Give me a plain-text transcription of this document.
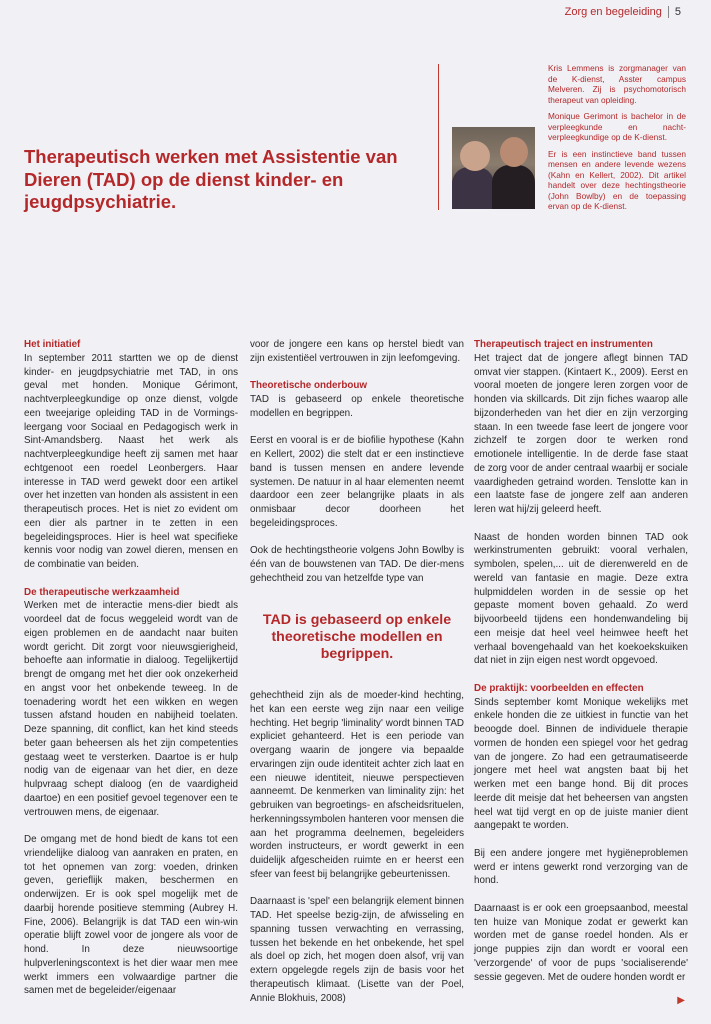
Zorg en begeleiding	5

Kris Lemmens is zorgmanager van de K-dienst, Asster campus Melveren. Zij is psychomotorisch therapeut van opleiding.

Monique Gerimont is bachelor in de verpleegkunde en nacht-verpleegkundige op de K-dienst.

Er is een instinctieve band tussen mensen en andere levende wezens (Kahn en Kellert, 2002). Dit artikel handelt over deze hechtingstheorie (John Bowlby) en de toepassing ervan op de K-dienst.

Therapeutisch werken met Assistentie van Dieren (TAD) op de dienst kinder- en jeugdpsychiatrie.
Het initiatief

In september 2011 startten we op de dienst kinder- en jeugdpsychiatrie met TAD, in ons geval met honden. Monique Gérimont, nachtverpleegkundige op onze dienst, volgde een tweejarige opleiding TAD in de Vormings-leergang voor Sociaal en Pedagogisch werk in Sint-Amandsberg. Naast het werk als nachtverpleegkundige heeft zij samen met haar echtgenoot een roedel Leonbergers. Haar interesse in TAD werd gewekt door een artikel over het inzetten van honden als assistent in een therapeutisch proces. Het is niet zo evident om een dier als partner in te zetten in een begeleidingsproces. Hier is heel wat specifieke kennis voor nodig van zowel dieren, mensen en de combinatie van beiden.

De therapeutische werkzaamheid

Werken met de interactie mens-dier biedt als voordeel dat de focus weggeleid wordt van de eigen problemen en de aandacht naar buiten wordt gericht. Dit zorgt voor nieuwsgierigheid, behoefte aan informatie in dialoog. Tegelijkertijd brengt de omgang met het dier ook onzekerheid en angst voor het onbekende teweeg. In de toenadering wordt het een wikken en wegen tussen afstand houden en nabijheid toelaten. Deze spanning, dit conflict, kan het kind steeds beter gaan beheersen als het zijn competenties gestaag weet te versterken. Daartoe is er hulp nodig van de eigenaar van het dier, en deze hulpvraag schept dialoog (en de vaardigheid daartoe) en een positief gevoel tegenover een te vertrouwen mens, de eigenaar.

De omgang met de hond biedt de kans tot een vriendelijke dialoog van aanraken en praten, en tot het opnemen van zorg: voeden, drinken geven, gerieflijk maken, beschermen en onderwijzen. Er is ook spel mogelijk met de daarbij horende positieve stemming (Aubrey H. Fine, 2006). Belangrijk is dat TAD een win-win operatie blijft zowel voor de jongere als voor de hond. In deze nieuwsoortige hulpverleningscontext is het dier waar men mee werkt immers een volwaardige partner die samen met de begeleider/eigenaar

voor de jongere een kans op herstel biedt van zijn existentiëel vertrouwen in zijn leefomgeving.

Theoretische onderbouw

TAD is gebaseerd op enkele theoretische modellen en begrippen.

Eerst en vooral is er de biofilie hypothese (Kahn en Kellert, 2002) die stelt dat er een instinctieve band is tussen mensen en andere levende systemen. De natuur in al haar elementen neemt daardoor een zeer belangrijke plaats in als onmisbaar decor doorheen het begeleidingsproces.

Ook de hechtingstheorie volgens John Bowlby is één van de bouwstenen van TAD. De dier-mens gehechtheid zou van hetzelfde type van

TAD is gebaseerd op enkele theoretische modellen en begrippen.

gehechtheid zijn als de moeder-kind hechting, het kan een eerste weg zijn naar een veilige hechting. Het begrip 'liminality' wordt binnen TAD expliciet gehanteerd. Het is een periode van overgang waarin de jongere via bepaalde ervaringen zijn oude identiteit achter zich laat en een nieuwe identiteit, nieuwe perspectieven aanneemt. De kenmerken van liminality zijn: het gebruiken van begroetings- en afscheidsrituelen, herkenningssymbolen hanteren voor mensen die aan het programma deelnemen, begeleiders worden instructeurs, er wordt gewerkt in een duidelijk afgescheiden ruimte en er heerst een sfeer van feest bij belangrijke gebeurtenissen.

Daarnaast is 'spel' een belangrijk element binnen TAD. Het speelse bezig-zijn, de afwisseling en spanning tussen verwachting en verrassing, tussen het bekende en het onbekende, het spel als doel op zich, het mogen doen alsof, vrij van extern opgelegde regels zijn de basis voor het therapeutisch klimaat. (Lisette van der Poel, Annie Blokhuis, 2008)

Therapeutisch traject en instrumenten

Het traject dat de jongere aflegt binnen TAD omvat vier stappen. (Kintaert K., 2009). Eerst en vooral moeten de jongere leren zorgen voor de honden via skillcards. Dit zijn fiches waarop alle bijzonderheden van het dier en zijn verzorging staan. In een tweede fase leert de jongere voor zichzelf te zorgen door te werken rond emotionele intelligentie. In de derde fase staat de zorg voor de ander centraal waarbij er sociale vaardigheden getraind worden. Tenslotte kan in een laatste fase de jongere zelf aan anderen leren wat hij/zij geleerd heeft.

Naast de honden worden binnen TAD ook werkinstrumenten gebruikt: vooral verhalen, symbolen, spelen,... uit de dierenwereld en de wereld van fantasie en magie. Deze extra hulpmiddelen worden in de sessie op het gepaste moment boven gehaald. Zo werd bijvoorbeeld tijdens een hondenwandeling bij een meisje dat heel veel heimwee heeft het verhaal bovengehaald van het koekoekskuiken dat niet in zijn eigen nest wordt opgevoed.

De praktijk: voorbeelden en effecten

Sinds september komt Monique wekelijks met enkele honden die ze uitkiest in functie van het beoogde doel. Binnen de individuele therapie vormen de honden een spiegel voor het gedrag van de jongere. Zo had een getraumatiseerde jongere met heel wat angsten baat bij het werken met een bange hond. Bij dit proces leerde dit meisje dat het beheersen van angsten heel wat tijd vergt en op de juiste manier dient aangepakt te worden.

Bij een andere jongere met hygiëneproblemen werd er intens gewerkt rond verzorging van de hond.

Daarnaast is er ook een groepsaanbod, meestal ten huize van Monique zodat er gewerkt kan worden met de ganse roedel honden. Als er jonge puppies zijn dan wordt er vooral een 'verzorgende' of voor de pups 'socialiserende' sessie gegeven. Met de oudere honden wordt er

▶
